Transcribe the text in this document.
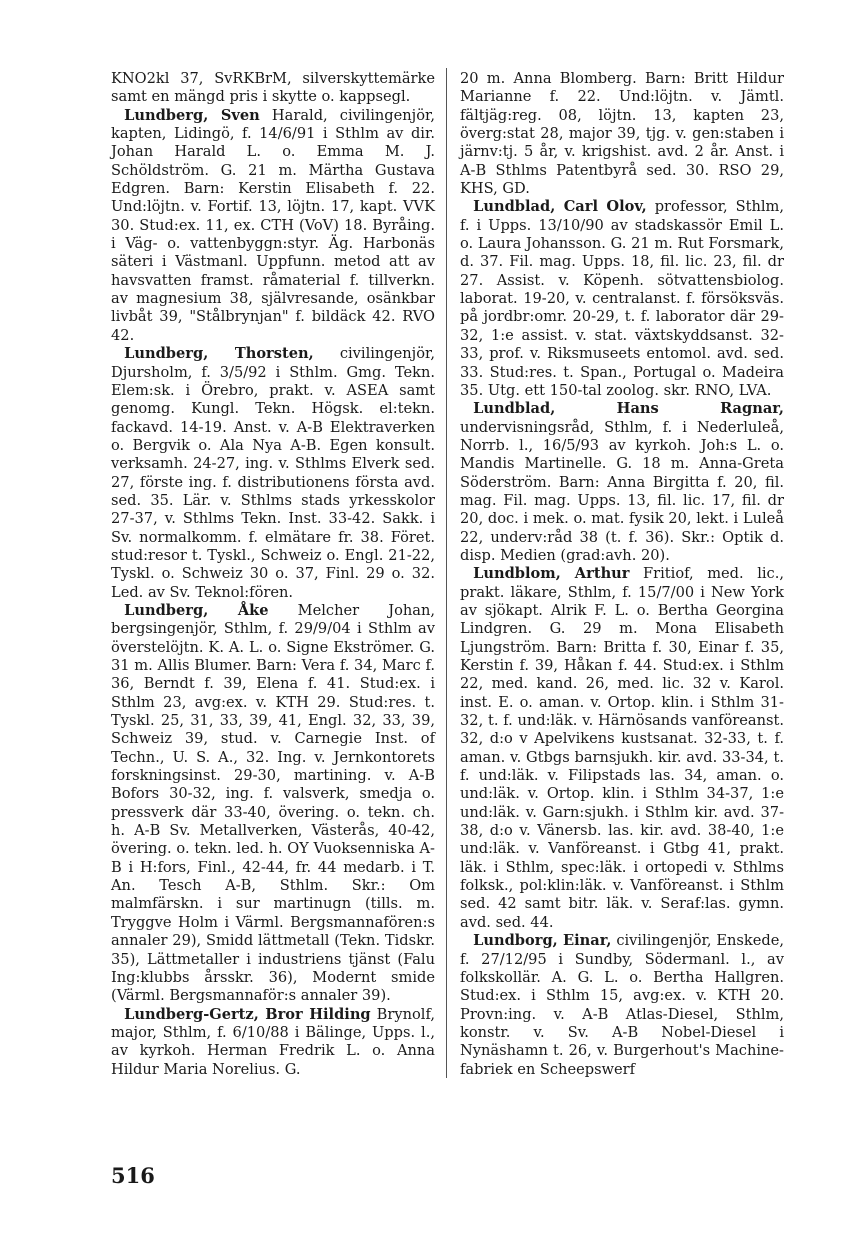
KNO2kl 37, SvRKBrM, silverskyttemärke samt en mängd pris i skytte o. kappsegl.

Lundberg, Sven Harald, civilingenjör, kapten, Lidingö, f. 14/6/91 i Sthlm av dir. Johan Harald L. o. Emma M. J. Schöldström. G. 21 m. Märtha Gustava Edgren. Barn: Kerstin Elisabeth f. 22. Und:löjtn. v. Fortif. 13, löjtn. 17, kapt. VVK 30. Stud:ex. 11, ex. CTH (VoV) 18. Byråing. i Väg- o. vattenbyggn:styr. Äg. Harbonäs säteri i Västmanl. Uppfunn. metod att av havsvatten framst. råmaterial f. tillverkn. av magnesium 38, självresande, osänkbar livbåt 39, "Stålbrynjan" f. bildäck 42. RVO 42.

Lundberg, Thorsten, civilingenjör, Djursholm, f. 3/5/92 i Sthlm. Gmg. Tekn. Elem:sk. i Örebro, prakt. v. ASEA samt genomg. Kungl. Tekn. Högsk. el:tekn. fackavd. 14-19. Anst. v. A-B Elektraverken o. Bergvik o. Ala Nya A-B. Egen konsult. verksamh. 24-27, ing. v. Sthlms Elverk sed. 27, förste ing. f. distributionens första avd. sed. 35. Lär. v. Sthlms stads yrkesskolor 27-37, v. Sthlms Tekn. Inst. 33-42. Sakk. i Sv. normalkomm. f. elmätare fr. 38. Föret. stud:resor t. Tyskl., Schweiz o. Engl. 21-22, Tyskl. o. Schweiz 30 o. 37, Finl. 29 o. 32. Led. av Sv. Teknol:fören.

Lundberg, Åke Melcher Johan, bergsingenjör, Sthlm, f. 29/9/04 i Sthlm av överstelöjtn. K. A. L. o. Signe Ekströmer. G. 31 m. Allis Blumer. Barn: Vera f. 34, Marc f. 36, Berndt f. 39, Elena f. 41. Stud:ex. i Sthlm 23, avg:ex. v. KTH 29. Stud:res. t. Tyskl. 25, 31, 33, 39, 41, Engl. 32, 33, 39, Schweiz 39, stud. v. Carnegie Inst. of Techn., U. S. A., 32. Ing. v. Jernkontorets forskningsinst. 29-30, martining. v. A-B Bofors 30-32, ing. f. valsverk, smedja o. pressverk där 33-40, övering. o. tekn. ch. h. A-B Sv. Metallverken, Västerås, 40-42, övering. o. tekn. led. h. OY Vuoksenniska A-B i H:fors, Finl., 42-44, fr. 44 medarb. i T. An. Tesch A-B, Sthlm. Skr.: Om malmfärskn. i sur martinugn (tills. m. Tryggve Holm i Värml. Bergsmannafören:s annaler 29), Smidd lättmetall (Tekn. Tidskr. 35), Lättmetaller i industriens tjänst (Falu Ing:klubbs årsskr. 36), Modernt smide (Värml. Bergsmannaför:s annaler 39).

Lundberg-Gertz, Bror Hilding Brynolf, major, Sthlm, f. 6/10/88 i Bälinge, Upps. l., av kyrkoh. Herman Fredrik L. o. Anna Hildur Maria Norelius. G.

20 m. Anna Blomberg. Barn: Britt Hildur Marianne f. 22. Und:löjtn. v. Jämtl. fältjäg:reg. 08, löjtn. 13, kapten 23, överg:stat 28, major 39, tjg. v. gen:staben i järnv:tj. 5 år, v. krigshist. avd. 2 år. Anst. i A-B Sthlms Patentbyrå sed. 30. RSO 29, KHS, GD.

Lundblad, Carl Olov, professor, Sthlm, f. i Upps. 13/10/90 av stadskassör Emil L. o. Laura Johansson. G. 21 m. Rut Forsmark, d. 37. Fil. mag. Upps. 18, fil. lic. 23, fil. dr 27. Assist. v. Köpenh. sötvattensbiolog. laborat. 19-20, v. centralanst. f. försöksväs. på jordbr:omr. 20-29, t. f. laborator där 29-32, 1:e assist. v. stat. växtskyddsanst. 32-33, prof. v. Riksmuseets entomol. avd. sed. 33. Stud:res. t. Span., Portugal o. Madeira 35. Utg. ett 150-tal zoolog. skr. RNO, LVA.

Lundblad, Hans Ragnar, undervisningsråd, Sthlm, f. i Nederluleå, Norrb. l., 16/5/93 av kyrkoh. Joh:s L. o. Mandis Martinelle. G. 18 m. Anna-Greta Söderström. Barn: Anna Birgitta f. 20, fil. mag. Fil. mag. Upps. 13, fil. lic. 17, fil. dr 20, doc. i mek. o. mat. fysik 20, lekt. i Luleå 22, underv:råd 38 (t. f. 36). Skr.: Optik d. disp. Medien (grad:avh. 20).

Lundblom, Arthur Fritiof, med. lic., prakt. läkare, Sthlm, f. 15/7/00 i New York av sjökapt. Alrik F. L. o. Bertha Georgina Lindgren. G. 29 m. Mona Elisabeth Ljungström. Barn: Britta f. 30, Einar f. 35, Kerstin f. 39, Håkan f. 44. Stud:ex. i Sthlm 22, med. kand. 26, med. lic. 32 v. Karol. inst. E. o. aman. v. Ortop. klin. i Sthlm 31-32, t. f. und:läk. v. Härnösands vanföreanst. 32, d:o v Apelvikens kustsanat. 32-33, t. f. aman. v. Gtbgs barnsjukh. kir. avd. 33-34, t. f. und:läk. v. Filipstads las. 34, aman. o. und:läk. v. Ortop. klin. i Sthlm 34-37, 1:e und:läk. v. Garn:sjukh. i Sthlm kir. avd. 37-38, d:o v. Vänersb. las. kir. avd. 38-40, 1:e und:läk. v. Vanföreanst. i Gtbg 41, prakt. läk. i Sthlm, spec:läk. i ortopedi v. Sthlms folksk., pol:klin:läk. v. Vanföreanst. i Sthlm sed. 42 samt bitr. läk. v. Seraf:las. gymn. avd. sed. 44.

Lundborg, Einar, civilingenjör, Enskede, f. 27/12/95 i Sundby, Södermanl. l., av folkskollär. A. G. L. o. Bertha Hallgren. Stud:ex. i Sthlm 15, avg:ex. v. KTH 20. Provn:ing. v. A-B Atlas-Diesel, Sthlm, konstr. v. Sv. A-B Nobel-Diesel i Nynäshamn t. 26, v. Burgerhout's Machine-fabriek en Scheepswerf

516
